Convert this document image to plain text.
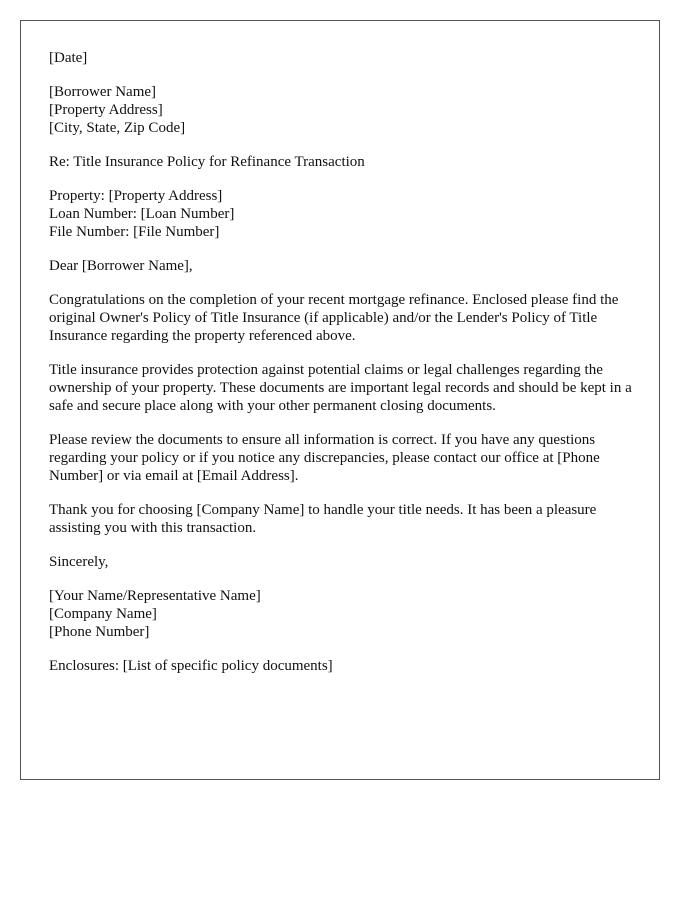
[Date]
[Borrower Name]
[Property Address]
[City, State, Zip Code]
Re: Title Insurance Policy for Refinance Transaction
Property: [Property Address]
Loan Number: [Loan Number]
File Number: [File Number]
Dear [Borrower Name],

Congratulations on the completion of your recent mortgage refinance. Enclosed please find the original Owner's Policy of Title Insurance (if applicable) and/or the Lender's Policy of Title Insurance regarding the property referenced above.

Title insurance provides protection against potential claims or legal challenges regarding the ownership of your property. These documents are important legal records and should be kept in a safe and secure place along with your other permanent closing documents.

Please review the documents to ensure all information is correct. If you have any questions regarding your policy or if you notice any discrepancies, please contact our office at [Phone Number] or via email at [Email Address].

Thank you for choosing [Company Name] to handle your title needs. It has been a pleasure assisting you with this transaction.

Sincerely,
[Your Name/Representative Name]
[Company Name]
[Phone Number]
Enclosures: [List of specific policy documents]
